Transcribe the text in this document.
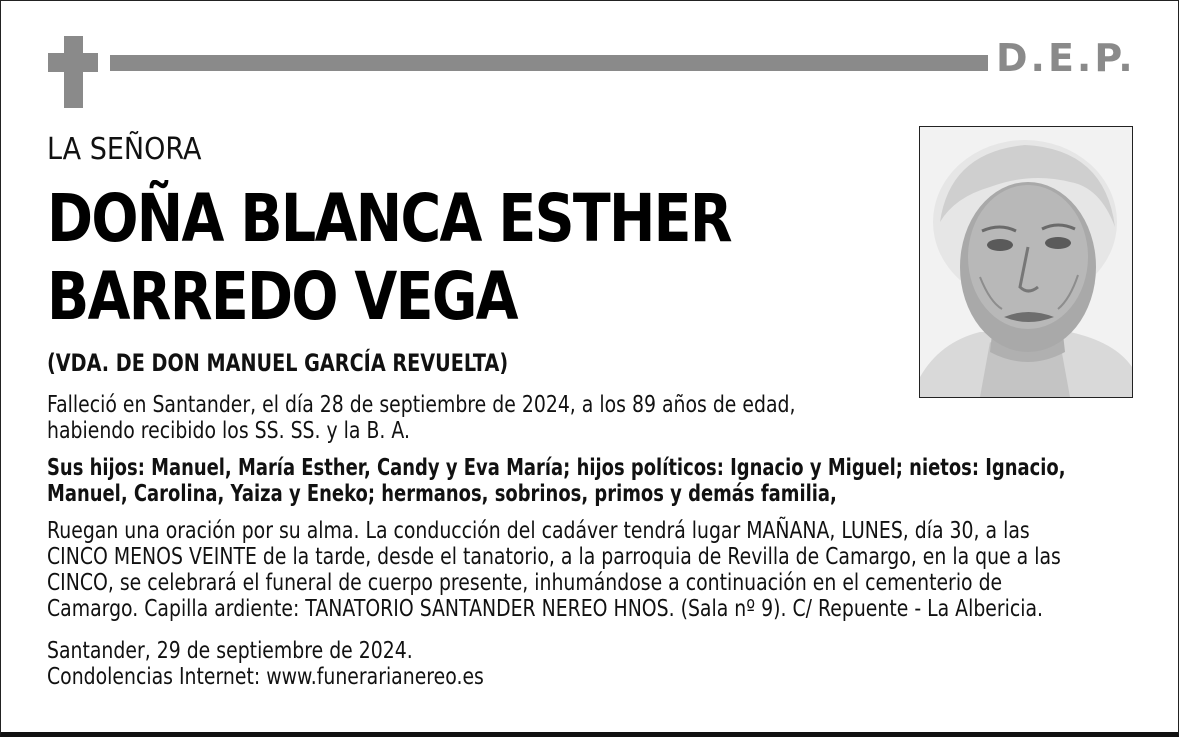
D.E.P.
LA SEÑORA
DOÑA BLANCA ESTHER
BARREDO VEGA
(VDA. DE DON MANUEL GARCÍA REVUELTA)
Falleció en Santander, el día 28 de septiembre de 2024, a los 89 años de edad,
habiendo recibido los SS. SS. y la B. A.
Sus hijos: Manuel, María Esther, Candy y Eva María; hijos políticos: Ignacio y Miguel; nietos: Ignacio,
Manuel, Carolina, Yaiza y Eneko; hermanos, sobrinos, primos y demás familia,
Ruegan una oración por su alma. La conducción del cadáver tendrá lugar MAÑANA, LUNES, día 30, a las
CINCO MENOS VEINTE de la tarde, desde el tanatorio, a la parroquia de Revilla de Camargo, en la que a las
CINCO, se celebrará el funeral de cuerpo presente, inhumándose a continuación en el cementerio de
Camargo. Capilla ardiente: TANATORIO SANTANDER NEREO HNOS. (Sala nº 9). C/ Repuente - La Albericia.
Santander, 29 de septiembre de 2024.
Condolencias Internet: www.funerarianereo.es
